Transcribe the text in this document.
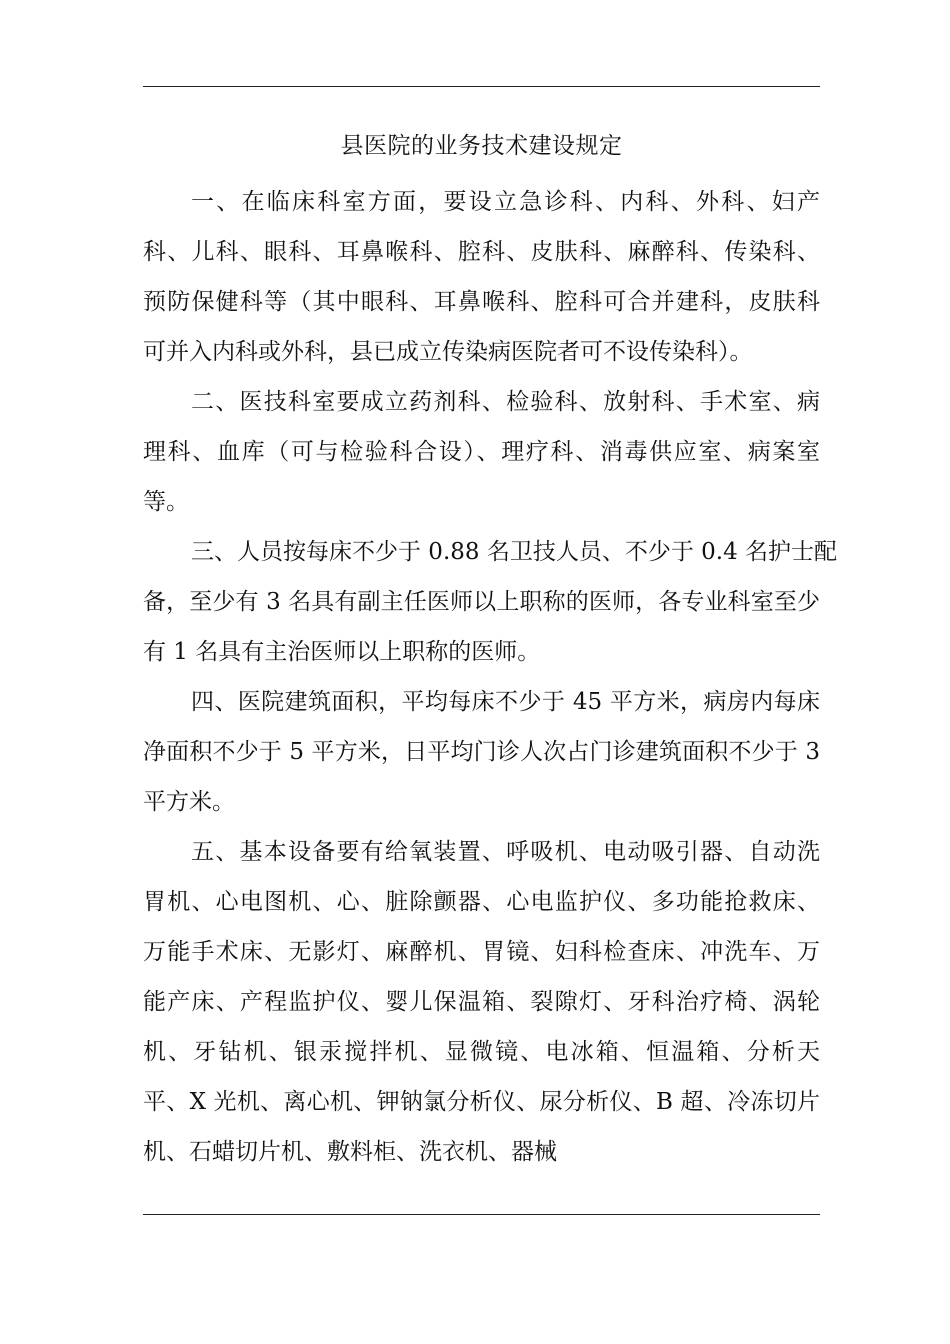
县医院的业务技术建设规定
一、在临床科室方面，要设立急诊科、内科、外科、妇产
科、儿科、眼科、耳鼻喉科、腔科、皮肤科、麻醉科、传染科、
预防保健科等（其中眼科、耳鼻喉科、腔科可合并建科，皮肤科
可并入内科或外科，县已成立传染病医院者可不设传染科）。
二、医技科室要成立药剂科、检验科、放射科、手术室、病
理科、血库（可与检验科合设）、理疗科、消毒供应室、病案室
等。
三、人员按每床不少于 0.88 名卫技人员、不少于 0.4 名护士配
备，至少有 3 名具有副主任医师以上职称的医师，各专业科室至少
有 1 名具有主治医师以上职称的医师。
四、医院建筑面积，平均每床不少于 45 平方米，病房内每床
净面积不少于 5 平方米，日平均门诊人次占门诊建筑面积不少于 3
平方米。
五、基本设备要有给氧装置、呼吸机、电动吸引器、自动洗
胃机、心电图机、心、脏除颤器、心电监护仪、多功能抢救床、
万能手术床、无影灯、麻醉机、胃镜、妇科检查床、冲洗车、万
能产床、产程监护仪、婴儿保温箱、裂隙灯、牙科治疗椅、涡轮
机、牙钻机、银汞搅拌机、显微镜、电冰箱、恒温箱、分析天
平、X 光机、离心机、钾钠氯分析仪、尿分析仪、B 超、冷冻切片
机、石蜡切片机、敷料柜、洗衣机、器械
